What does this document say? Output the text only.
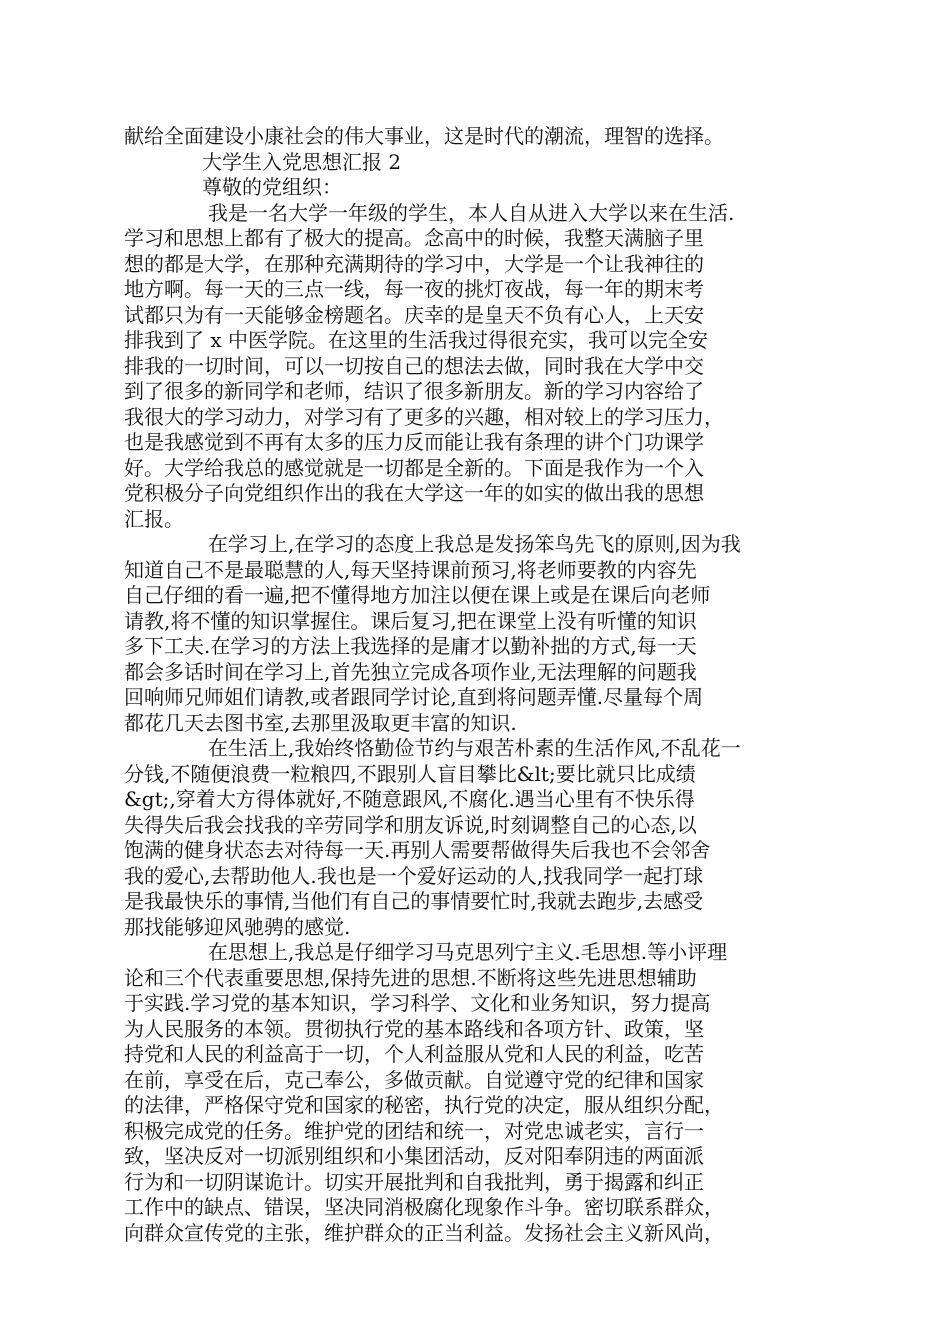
献给全面建设小康社会的伟大事业，这是时代的潮流，理智的选择。
大学生入党思想汇报 2
尊敬的党组织：
我是一名大学一年级的学生，本人自从进入大学以来在生活.
学习和思想上都有了极大的提高。念高中的时候，我整天满脑子里
想的都是大学，在那种充满期待的学习中，大学是一个让我神往的
地方啊。每一天的三点一线，每一夜的挑灯夜战，每一年的期末考
试都只为有一天能够金榜题名。庆幸的是皇天不负有心人，上天安
排我到了 x 中医学院。在这里的生活我过得很充实，我可以完全安
排我的一切时间，可以一切按自己的想法去做，同时我在大学中交
到了很多的新同学和老师，结识了很多新朋友。新的学习内容给了
我很大的学习动力，对学习有了更多的兴趣，相对较上的学习压力，
也是我感觉到不再有太多的压力反而能让我有条理的讲个门功课学
好。大学给我总的感觉就是一切都是全新的。下面是我作为一个入
党积极分子向党组织作出的我在大学这一年的如实的做出我的思想
汇报。
在学习上,在学习的态度上我总是发扬笨鸟先飞的原则,因为我
知道自己不是最聪慧的人,每天坚持课前预习,将老师要教的内容先
自己仔细的看一遍,把不懂得地方加注以便在课上或是在课后向老师
请教,将不懂的知识掌握住。课后复习,把在课堂上没有听懂的知识
多下工夫.在学习的方法上我选择的是庸才以勤补拙的方式,每一天
都会多话时间在学习上,首先独立完成各项作业,无法理解的问题我
回响师兄师姐们请教,或者跟同学讨论,直到将问题弄懂.尽量每个周
都花几天去图书室,去那里汲取更丰富的知识.
在生活上,我始终恪勤俭节约与艰苦朴素的生活作风,不乱花一
分钱,不随便浪费一粒粮四,不跟别人盲目攀比&lt;要比就只比成绩
&gt;,穿着大方得体就好,不随意跟风,不腐化.遇当心里有不快乐得
失得失后我会找我的辛劳同学和朋友诉说,时刻调整自己的心态,以
饱满的健身状态去对待每一天.再别人需要帮做得失后我也不会邻舍
我的爱心,去帮助他人.我也是一个爱好运动的人,找我同学一起打球
是我最快乐的事情,当他们有自己的事情要忙时,我就去跑步,去感受
那找能够迎风驰骋的感觉.
在思想上,我总是仔细学习马克思列宁主义.毛思想.等小评理
论和三个代表重要思想,保持先进的思想.不断将这些先进思想辅助
于实践.学习党的基本知识，学习科学、文化和业务知识，努力提高
为人民服务的本领。贯彻执行党的基本路线和各项方针、政策，坚
持党和人民的利益高于一切，个人利益服从党和人民的利益，吃苦
在前，享受在后，克己奉公，多做贡献。自觉遵守党的纪律和国家
的法律，严格保守党和国家的秘密，执行党的决定，服从组织分配，
积极完成党的任务。维护党的团结和统一，对党忠诚老实，言行一
致，坚决反对一切派别组织和小集团活动，反对阳奉阴违的两面派
行为和一切阴谋诡计。切实开展批判和自我批判，勇于揭露和纠正
工作中的缺点、错误，坚决同消极腐化现象作斗争。密切联系群众，
向群众宣传党的主张，维护群众的正当利益。发扬社会主义新风尚，
